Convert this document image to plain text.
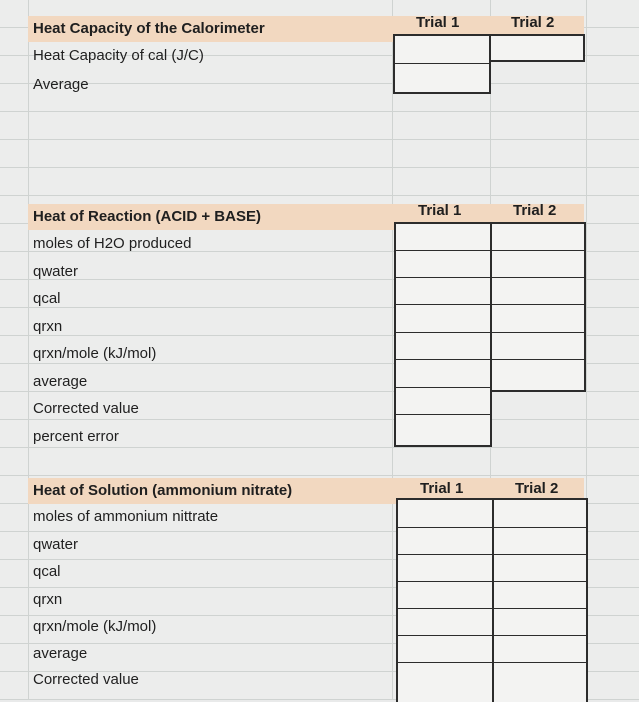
Heat Capacity of the Calorimeter	Trial 1	Trial 2
Heat Capacity of cal (J/C)
Average
Heat of Reaction (ACID + BASE)	Trial 1	Trial 2
moles of H2O produced
qwater
qcal
qrxn
qrxn/mole (kJ/mol)
average
Corrected value
percent error
Heat of Solution (ammonium nitrate)	Trial 1	Trial 2
moles of ammonium nittrate
qwater
qcal
qrxn
qrxn/mole (kJ/mol)
average
Corrected value
